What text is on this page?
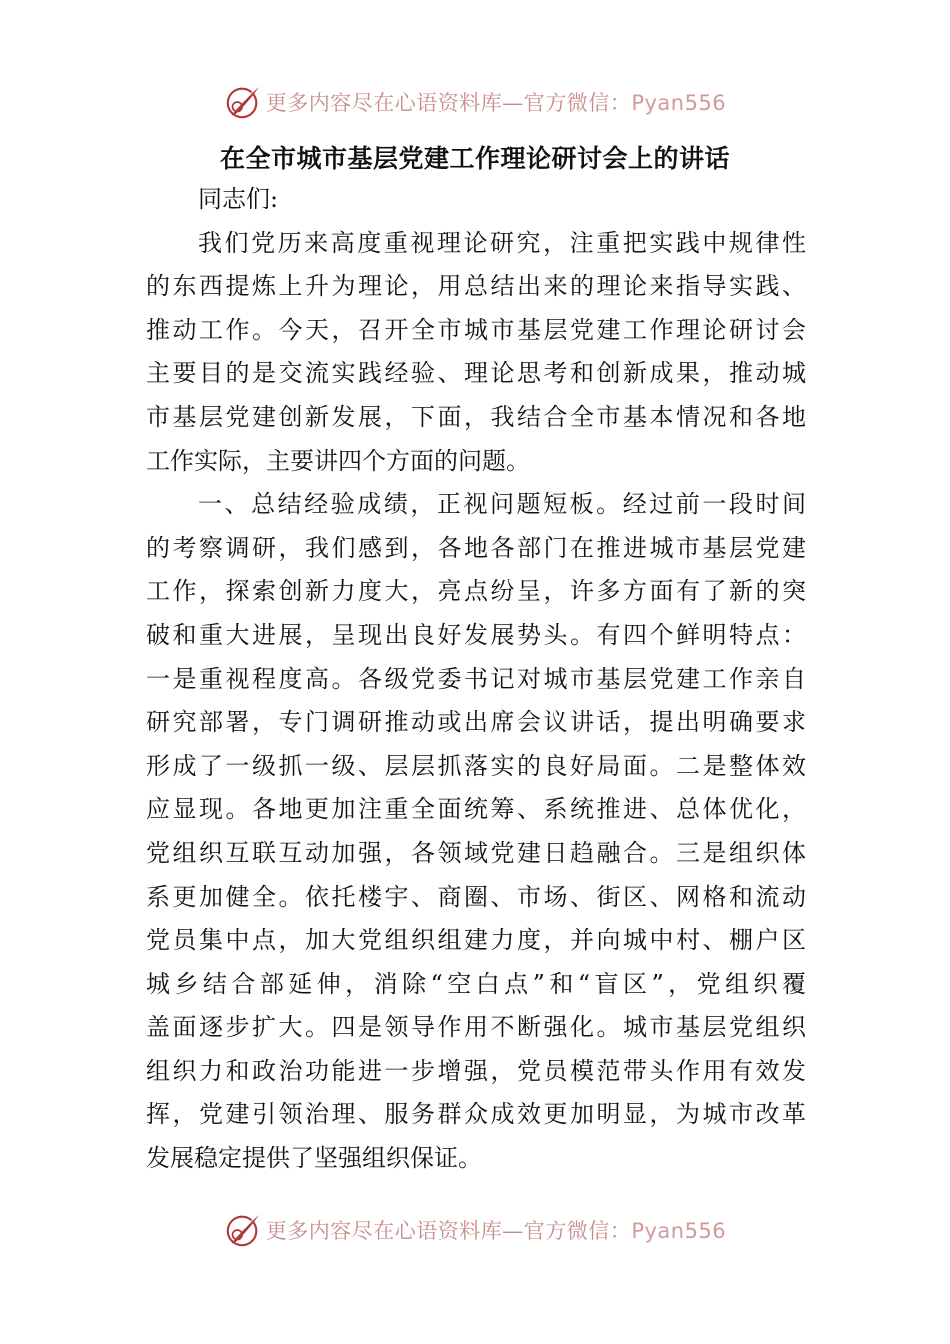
更多内容尽在心语资料库—官方微信：Pyan556
在全市城市基层党建工作理论研讨会上的讲话
同志们:
我们党历来高度重视理论研究，注重把实践中规律性
的东西提炼上升为理论，用总结出来的理论来指导实践、
推动工作。今天，召开全市城市基层党建工作理论研讨会
主要目的是交流实践经验、理论思考和创新成果，推动城
市基层党建创新发展，下面，我结合全市基本情况和各地
工作实际，主要讲四个方面的问题。
一、总结经验成绩，正视问题短板。经过前一段时间
的考察调研，我们感到，各地各部门在推进城市基层党建
工作，探索创新力度大，亮点纷呈，许多方面有了新的突
破和重大进展，呈现出良好发展势头。有四个鲜明特点：
一是重视程度高。各级党委书记对城市基层党建工作亲自
研究部署，专门调研推动或出席会议讲话，提出明确要求
形成了一级抓一级、层层抓落实的良好局面。二是整体效
应显现。各地更加注重全面统筹、系统推进、总体优化，
党组织互联互动加强，各领域党建日趋融合。三是组织体
系更加健全。依托楼宇、商圈、市场、街区、网格和流动
党员集中点，加大党组织组建力度，并向城中村、棚户区
城乡结合部延伸，消除“空白点”和“盲区”，党组织覆
盖面逐步扩大。四是领导作用不断强化。城市基层党组织
组织力和政治功能进一步增强，党员模范带头作用有效发
挥，党建引领治理、服务群众成效更加明显，为城市改革
发展稳定提供了坚强组织保证。
更多内容尽在心语资料库—官方微信：Pyan556
